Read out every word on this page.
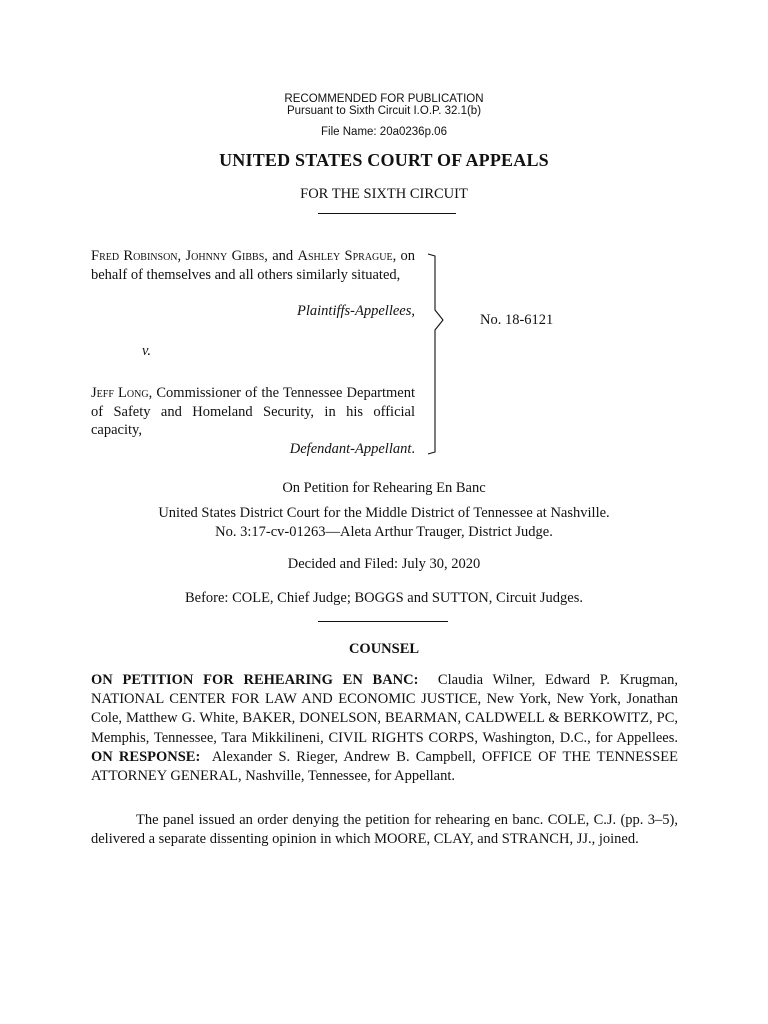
RECOMMENDED FOR PUBLICATION
Pursuant to Sixth Circuit I.O.P. 32.1(b)
File Name: 20a0236p.06
UNITED STATES COURT OF APPEALS
FOR THE SIXTH CIRCUIT
Fred Robinson, Johnny Gibbs, and Ashley Sprague, on behalf of themselves and all others similarly situated,
Plaintiffs-Appellees,
v.
Jeff Long, Commissioner of the Tennessee Department of Safety and Homeland Security, in his official capacity,
Defendant-Appellant.
No. 18-6121
On Petition for Rehearing En Banc
United States District Court for the Middle District of Tennessee at Nashville.
No. 3:17-cv-01263—Aleta Arthur Trauger, District Judge.
Decided and Filed: July 30, 2020
Before: COLE, Chief Judge; BOGGS and SUTTON, Circuit Judges.
COUNSEL
ON PETITION FOR REHEARING EN BANC:  Claudia Wilner, Edward P. Krugman, NATIONAL CENTER FOR LAW AND ECONOMIC JUSTICE, New York, New York, Jonathan Cole, Matthew G. White, BAKER, DONELSON, BEARMAN, CALDWELL & BERKOWITZ, PC, Memphis, Tennessee, Tara Mikkilineni, CIVIL RIGHTS CORPS, Washington, D.C., for Appellees.  ON RESPONSE:  Alexander S. Rieger, Andrew B. Campbell, OFFICE OF THE TENNESSEE ATTORNEY GENERAL, Nashville, Tennessee, for Appellant.
The panel issued an order denying the petition for rehearing en banc. COLE, C.J. (pp. 3–5), delivered a separate dissenting opinion in which MOORE, CLAY, and STRANCH, JJ., joined.
